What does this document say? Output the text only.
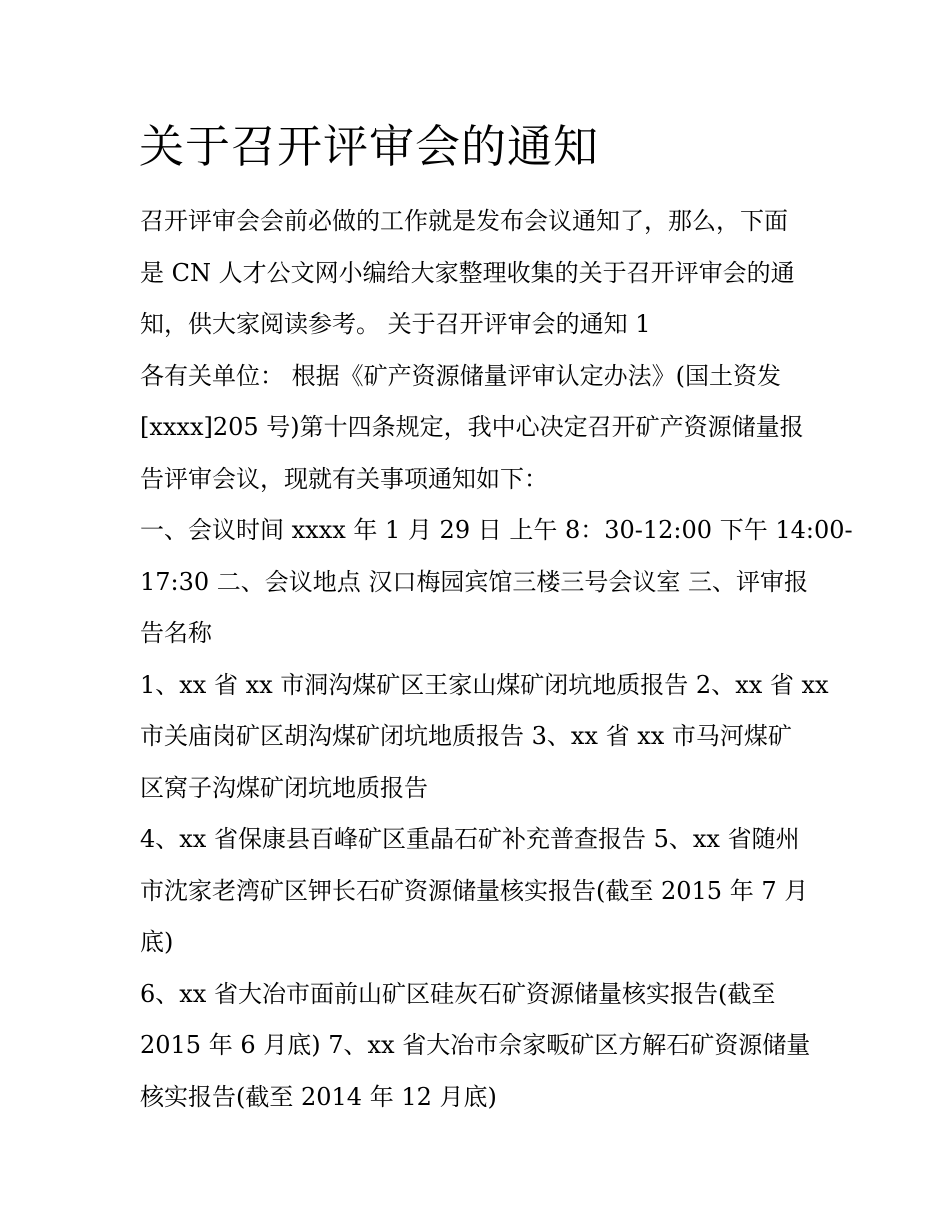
关于召开评审会的通知

召开评审会会前必做的工作就是发布会议通知了，那么，下面

是 CN 人才公文网小编给大家整理收集的关于召开评审会的通

知，供大家阅读参考。 关于召开评审会的通知 1

各有关单位： 根据《矿产资源储量评审认定办法》(国土资发

[xxxx]205 号)第十四条规定，我中心决定召开矿产资源储量报

告评审会议，现就有关事项通知如下：

一、会议时间 xxxx 年 1 月 29 日 上午 8：30-12:00 下午 14:00-

17:30 二、会议地点 汉口梅园宾馆三楼三号会议室 三、评审报

告名称

1、xx 省 xx 市洞沟煤矿区王家山煤矿闭坑地质报告 2、xx 省 xx

市关庙岗矿区胡沟煤矿闭坑地质报告 3、xx 省 xx 市马河煤矿

区窝子沟煤矿闭坑地质报告

4、xx 省保康县百峰矿区重晶石矿补充普查报告 5、xx 省随州

市沈家老湾矿区钾长石矿资源储量核实报告(截至 2015 年 7 月

底)

6、xx 省大冶市面前山矿区硅灰石矿资源储量核实报告(截至

2015 年 6 月底) 7、xx 省大冶市佘家畈矿区方解石矿资源储量

核实报告(截至 2014 年 12 月底)
